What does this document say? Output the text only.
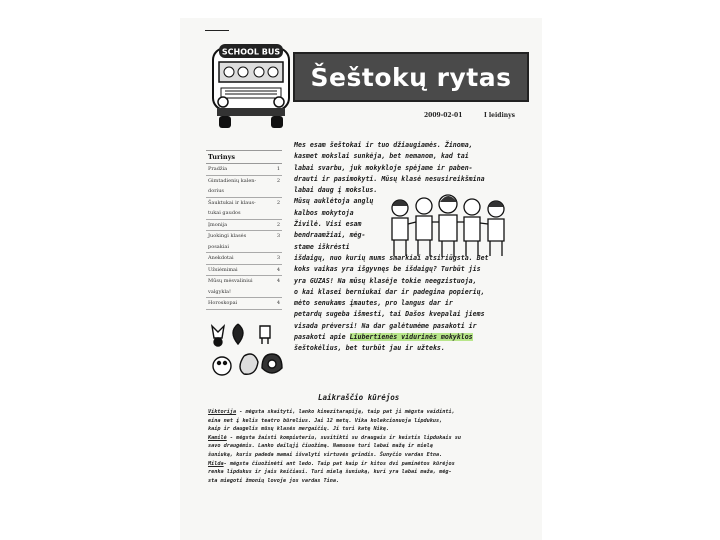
SCHOOL BUS
Šeštokų rytas
2009-02-01	I leidinys
Turinys
Pradžia	1
Gimtadienių kalen-	2
dorius
Šauktukai ir klaus-	2
tukai gaudos
Įmonija	2
Juokingi klasės	3
posakiai
Anekdotai	3
Užsiėmimai	4
Mūsų mėsvaliniui	4
valgykla!
Horoskopai	4
Mes esam šeštokai ir tuo džiaugiamės. Žinoma,
kasmet mokslai sunkėja, bet nemanom, kad tai
labai svarbu, juk mokykloje spėjame ir paben-
drauti ir pasimokyti. Mūsų klasė nesusireikšmina
labai daug į mokslus.
Mūsų auklėtoja anglų
kalbos mokytoja
Živilė. Visi esam
bendraamžiai, mėg-
stame iškrėsti
išdaigų, nuo kurių mums smarkiai atsiriūgsta. Bet
koks vaikas yra išgyvnęs be išdaigų? Turbūt jis
yra GUZAS! Na mūsų klasėje tokie neegzistuoja,
o kai klasei berniukai dar ir padegina popierių,
mėto senukams įmautes, pro langus dar ir
petardų sugeba išmesti, tai Dašos kvepalai jiems
visada prėversi! Na dar galėtumėme pasakoti ir
pasakoti apie Liubertienės vidurinės mokyklos
šeštokėlius, bet turbūt jau ir užteks.
Laikraščio kūrėjos
Viktorija - mėgsta skaityti, lanko kinezitarapiją, taip pat ji mėgsta vaidinti,
eina net į kelis teatro būrelius. Jai 12 metų. Vika kolekcionuoja lipdukus,
kaip ir daugelis mūsų klasės mergaičių. Ji turi katę Nikę.
Kamilė - mėgsta žaisti kompiuteriu, susitikti su draugais ir keistis lipdukais su
savo draugėmis. Lanko dailųjį čiuožimą. Namuose turi labai mažą ir mielą
šuniuką, kuris padeda mamai išvalyti virtuvės grindis. Šunyčio vardas Etna.
Milda- mėgsta čiuožinėti ant ledo. Taip pat kaip ir kitos dvi paminėtos kūrėjos
renka lipdukus ir jais keičiasi. Turi mielą šuniuką, kuri yra labai maža, mėg-
sta miegoti žmonių lovoje jos vardas Tina.
